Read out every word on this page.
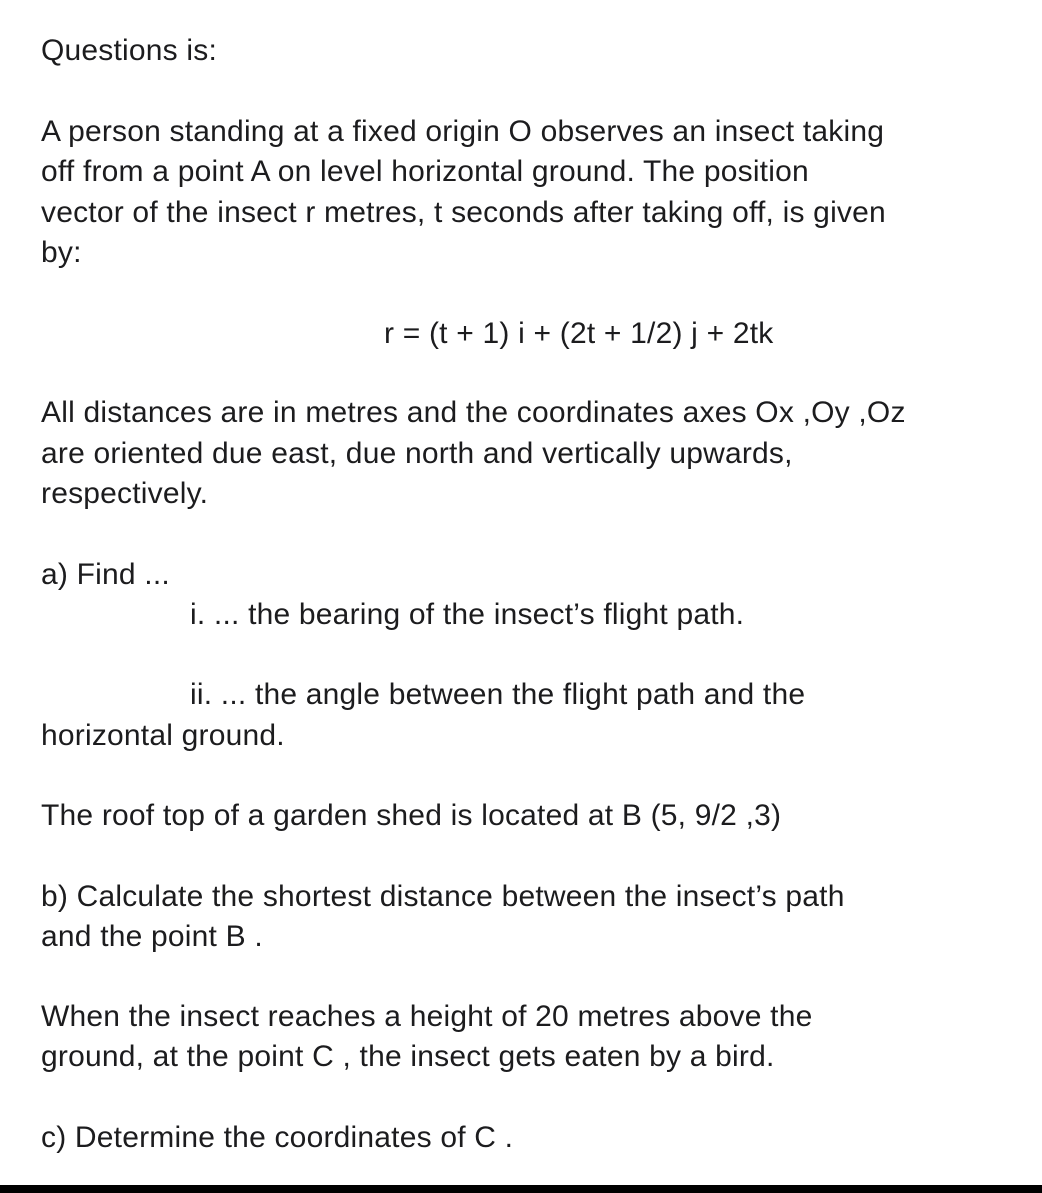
Questions is:
A person standing at a fixed origin O observes an insect taking
off from a point A on level horizontal ground. The position
vector of the insect r metres, t seconds after taking off, is given
by:
r = (t + 1) i + (2t + 1/2) j + 2tk
All distances are in metres and the coordinates axes Ox ,Oy ,Oz
are oriented due east, due north and vertically upwards,
respectively.
a) Find ...
i. ... the bearing of the insect’s flight path.
ii. ... the angle between the flight path and the
horizontal ground.
The roof top of a garden shed is located at B (5, 9/2 ,3)
b) Calculate the shortest distance between the insect’s path
and the point B .
When the insect reaches a height of 20 metres above the
ground, at the point C , the insect gets eaten by a bird.
c) Determine the coordinates of C .
